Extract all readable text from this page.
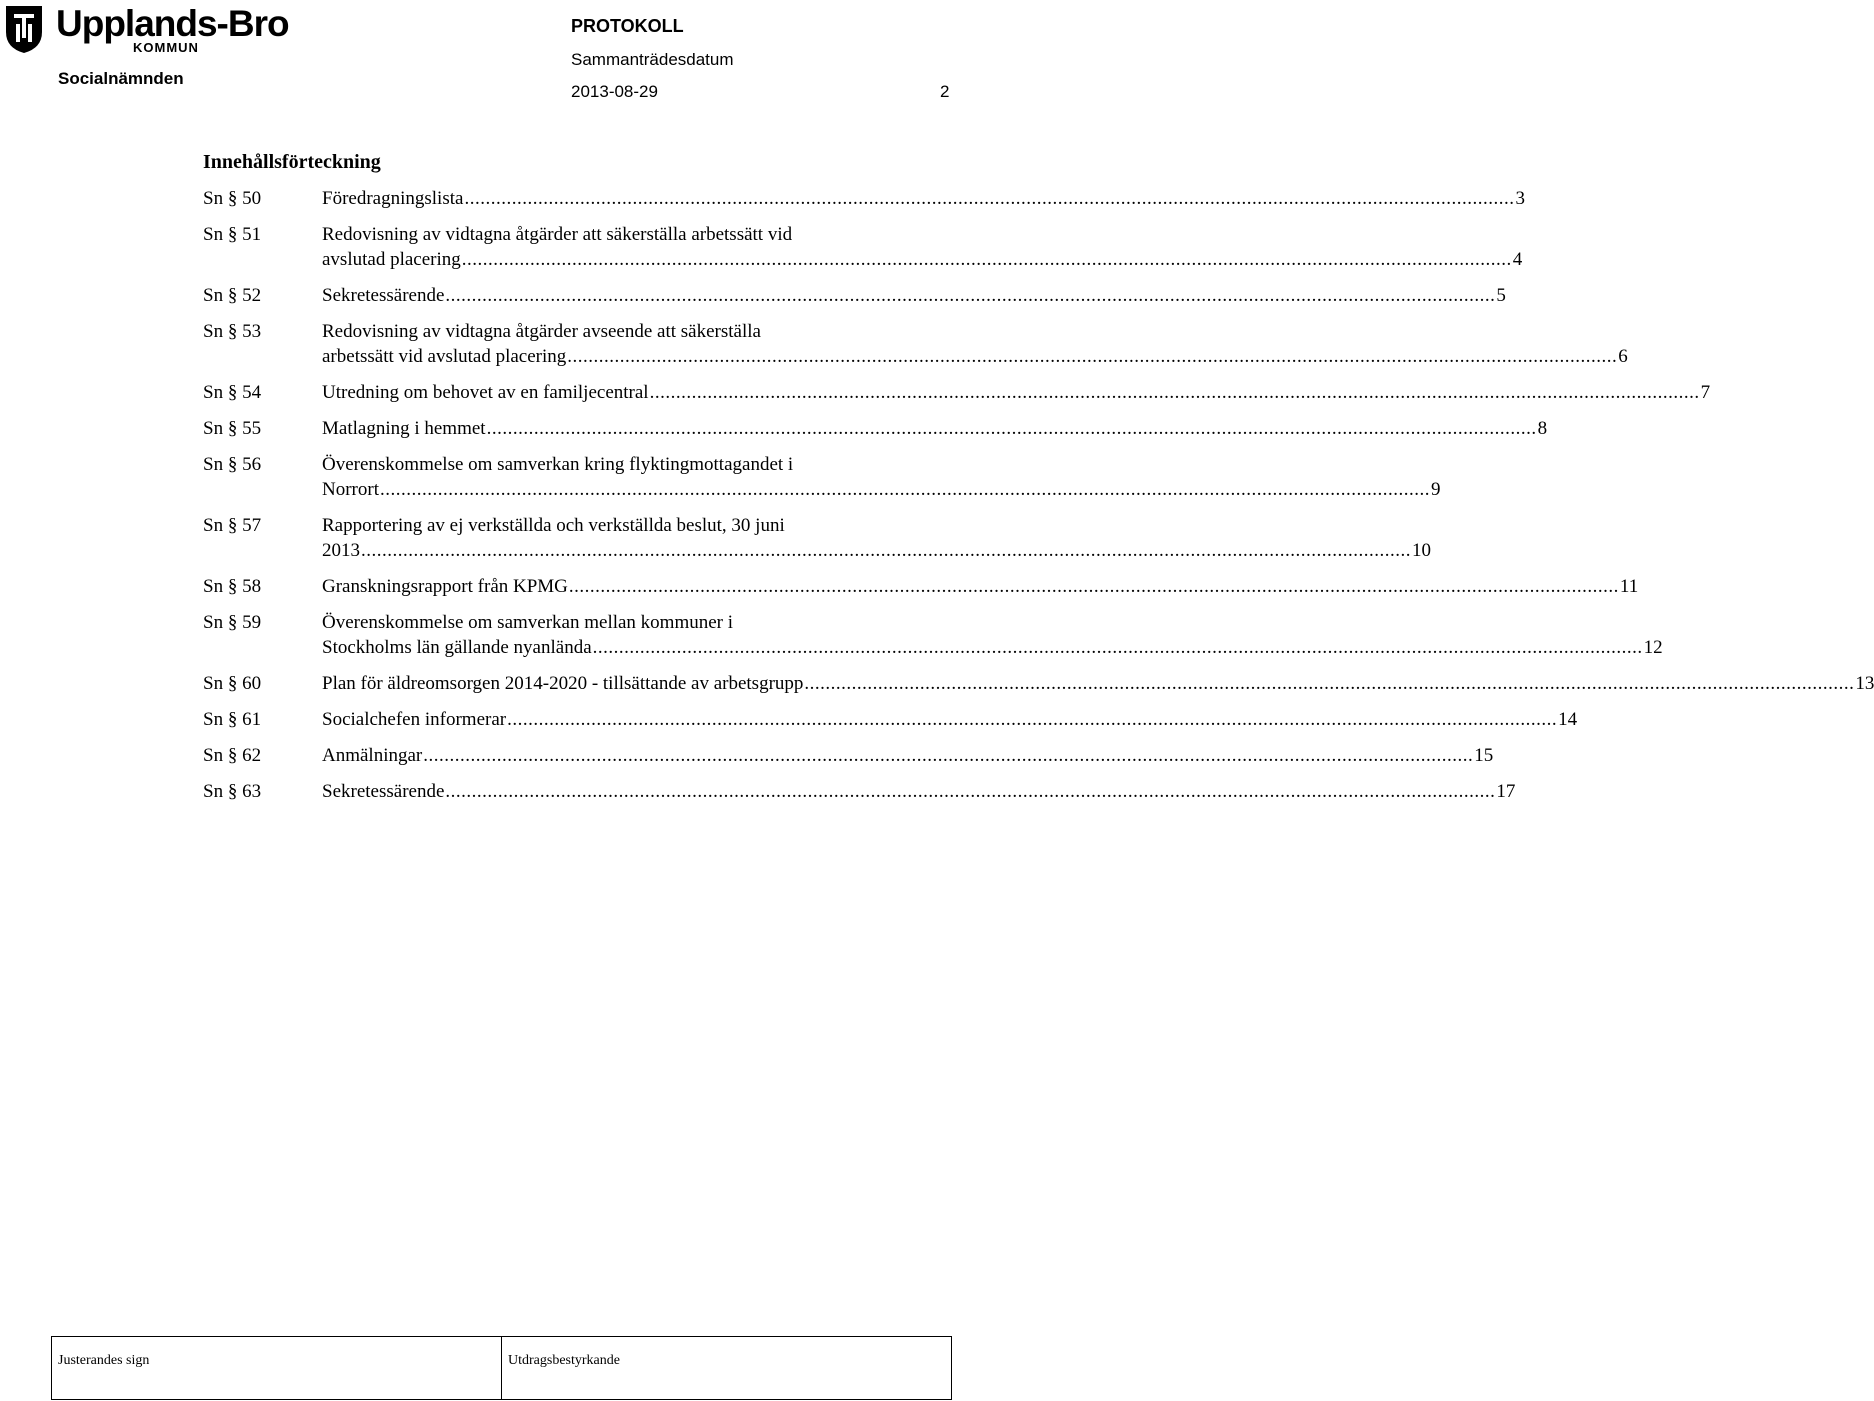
Upplands-Bro
KOMMUN
Socialnämnden
PROTOKOLL
Sammanträdesdatum
2013-08-29	2
Innehållsförteckning
Sn § 50	Föredragningslista ........................................................................................................................................................................................................ 3
Sn § 51	Redovisning av vidtagna åtgärder att säkerställa arbetssätt vid
avslutad placering ........................................................................................................................................................................................................ 4
Sn § 52	Sekretessärende ........................................................................................................................................................................................................ 5
Sn § 53	Redovisning av vidtagna åtgärder avseende att säkerställa
arbetssätt vid avslutad placering ........................................................................................................................................................................................................ 6
Sn § 54	Utredning om behovet av en familjecentral ........................................................................................................................................................................................................ 7
Sn § 55	Matlagning i hemmet ........................................................................................................................................................................................................ 8
Sn § 56	Överenskommelse om samverkan kring flyktingmottagandet i
Norrort ........................................................................................................................................................................................................ 9
Sn § 57	Rapportering av ej verkställda och verkställda beslut, 30 juni
2013 ........................................................................................................................................................................................................ 10
Sn § 58	Granskningsrapport från KPMG ........................................................................................................................................................................................................ 11
Sn § 59	Överenskommelse om samverkan mellan kommuner i
Stockholms län gällande nyanlända ........................................................................................................................................................................................................ 12
Sn § 60	Plan för äldreomsorgen 2014-2020 - tillsättande av arbetsgrupp ........................................................................................................................................................................................................ 13
Sn § 61	Socialchefen informerar ........................................................................................................................................................................................................ 14
Sn § 62	Anmälningar ........................................................................................................................................................................................................ 15
Sn § 63	Sekretessärende ........................................................................................................................................................................................................ 17
Justerandes sign	Utdragsbestyrkande
